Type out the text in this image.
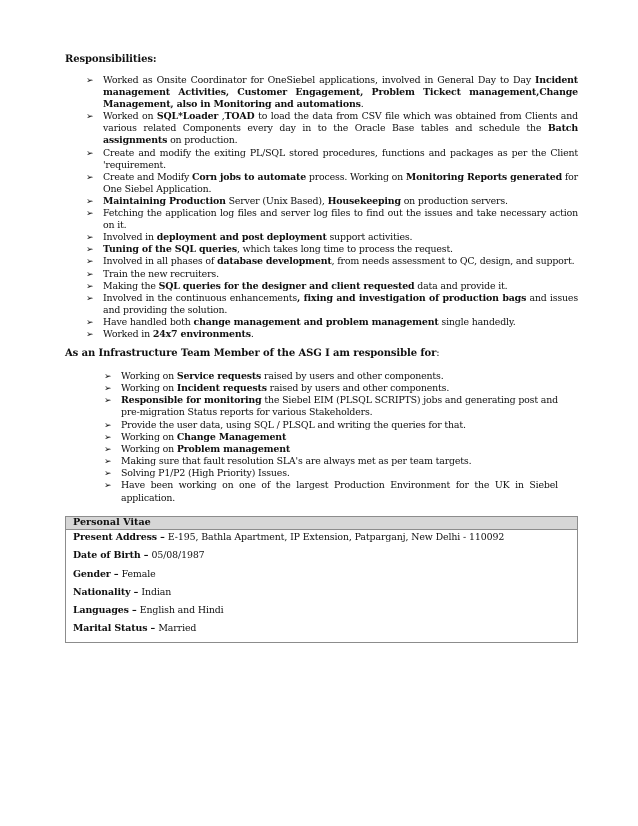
Responsibilities:
➢ Worked as Onsite Coordinator for OneSiebel applications, involved in General Day to Day Incident management Activities, Customer Engagement, Problem Tickect management,Change Management, also in Monitoring and automations.
➢ Worked on SQL*Loader ,TOAD to load the data from CSV file which was obtained from Clients and various related Components every day in to the Oracle Base tables and schedule the Batch assignments on production.
➢ Create and modify the exiting PL/SQL stored procedures, functions and packages as per the Client 'requirement.
➢ Create and Modify Corn jobs to automate process. Working on Monitoring Reports generated for One Siebel Application.
➢ Maintaining Production Server (Unix Based), Housekeeping on production servers.
➢ Fetching the application log files and server log files to find out the issues and take necessary action on it.
➢ Involved in deployment and post deployment support activities.
➢ Tuning of the SQL queries, which takes long time to process the request.
➢ Involved in all phases of database development, from needs assessment to QC, design, and support.
➢ Train the new recruiters.
➢ Making the SQL queries for the designer and client requested data and provide it.
➢ Involved in the continuous enhancements, fixing and investigation of production bags and issues and providing the solution.
➢ Have handled both change management and problem management single handedly.
➢ Worked in 24x7 environments.
As an Infrastructure Team Member of the ASG I am responsible for:
➢ Working on Service requests raised by users and other components.
➢ Working on Incident requests raised by users and other components.
➢ Responsible for monitoring the Siebel EIM (PLSQL SCRIPTS) jobs and generating post and pre-migration Status reports for various Stakeholders.
➢ Provide the user data, using SQL / PLSQL and writing the queries for that.
➢ Working on Change Management
➢ Working on Problem management
➢ Making sure that fault resolution SLA's are always met as per team targets.
➢ Solving P1/P2 (High Priority) Issues.
➢ Have been working on one of the largest Production Environment for the UK in Siebel application.
Personal Vitae
Present Address – E-195, Bathla Apartment, IP Extension, Patparganj, New Delhi - 110092
Date of Birth – 05/08/1987
Gender – Female
Nationality – Indian
Languages – English and Hindi
Marital Status – Married
